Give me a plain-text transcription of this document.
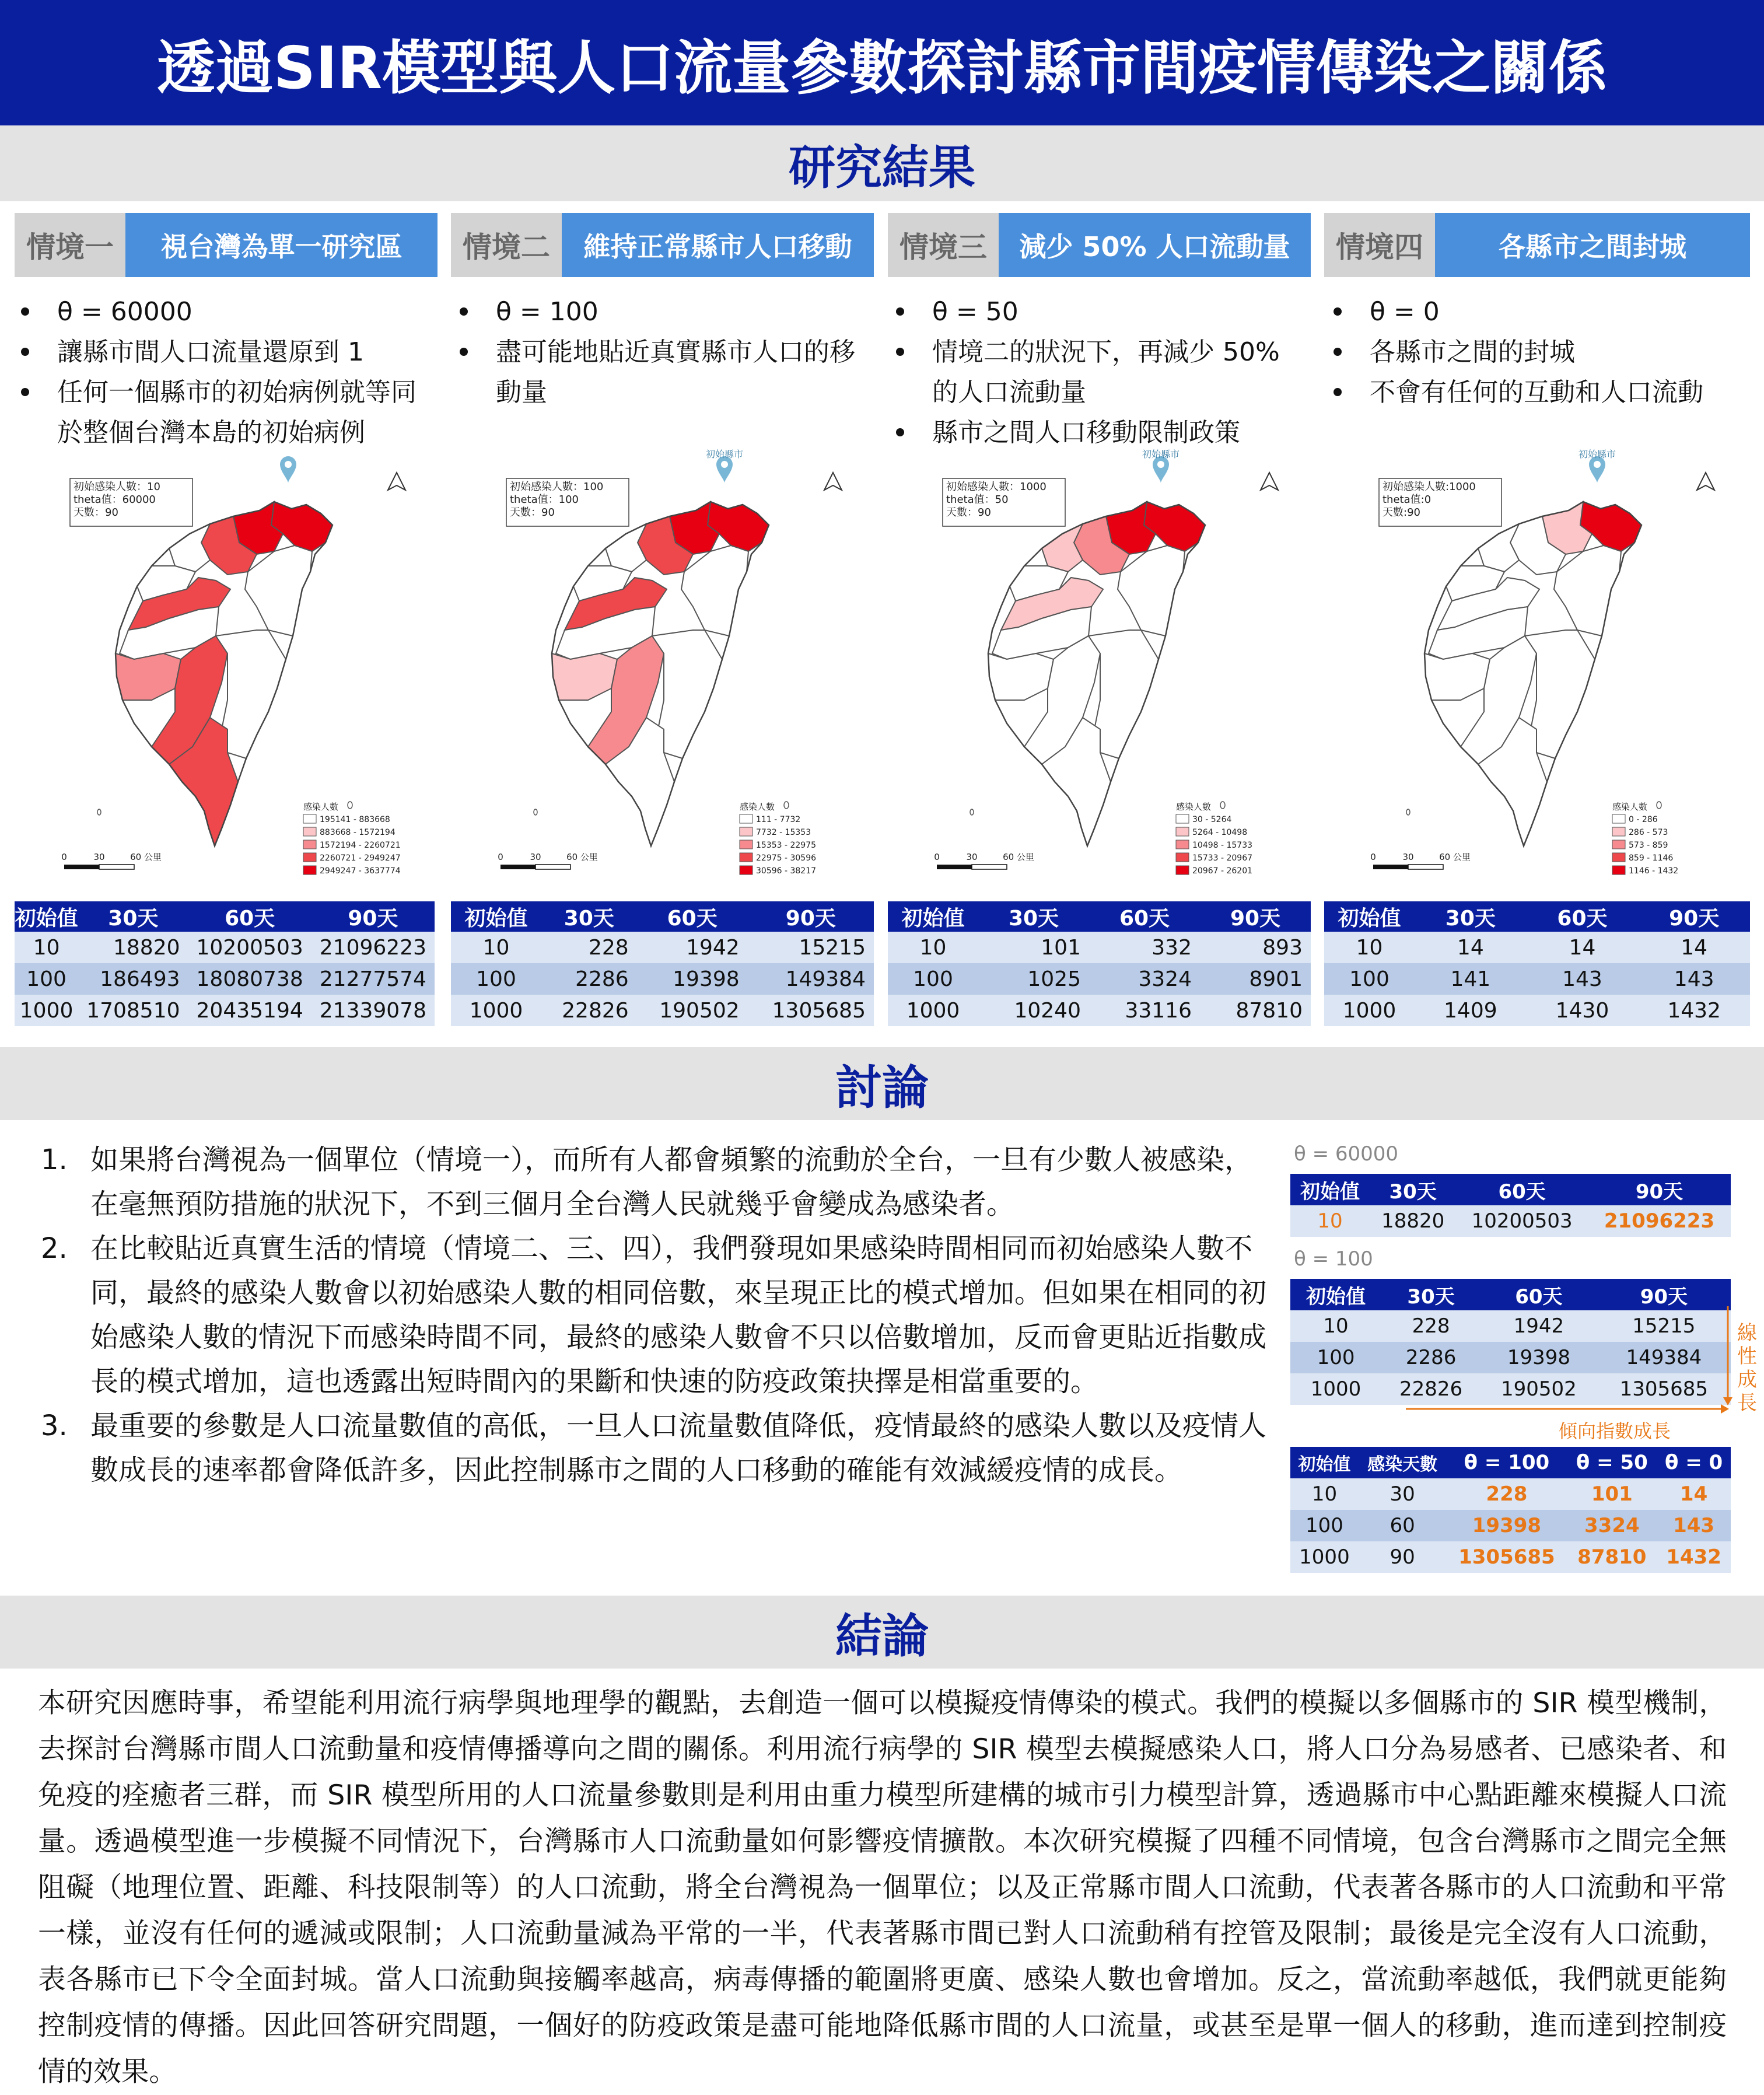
透過SIR模型與人口流量參數探討縣市間疫情傳染之關係
研究結果
情境一	視台灣為單一研究區	情境二	維持正常縣市人口移動	情境三	減少 50% 人口流動量	情境四	各縣市之間封城
θ = 60000
讓縣市間人口流量還原到 1
任何一個縣市的初始病例就等同於整個台灣本島的初始病例
θ = 100
盡可能地貼近真實縣市人口的移動量
θ = 50
情境二的狀況下，再減少 50% 的人口流動量
縣市之間人口移動限制政策
θ = 0
各縣市之間的封城
不會有任何的互動和人口流動
初始感染人數：10
theta值：60000
天數：90
感染人數
195141 - 883668
883668 - 1572194
1572194 - 2260721
2260721 - 2949247
2949247 - 3637774
0	30	60 公里
初始感染人數：100
theta值：100
天數：90
初始縣市
感染人數
111 - 7732
7732 - 15353
15353 - 22975
22975 - 30596
30596 - 38217
0	30	60 公里
初始感染人數：1000
theta值：50
天數：90
初始縣市
感染人數
30 - 5264
5264 - 10498
10498 - 15733
15733 - 20967
20967 - 26201
0	30	60 公里
初始感染人數:1000
theta值:0
天數:90
初始縣市
感染人數
0 - 286
286 - 573
573 - 859
859 - 1146
1146 - 1432
0	30	60 公里
初始值	30天	60天	90天
10	18820	10200503	21096223
100	186493	18080738	21277574
1000	1708510	20435194	21339078
初始值	30天	60天	90天
10	228	1942	15215
100	2286	19398	149384
1000	22826	190502	1305685
初始值	30天	60天	90天
10	101	332	893
100	1025	3324	8901
1000	10240	33116	87810
初始值	30天	60天	90天
10	14	14	14
100	141	143	143
1000	1409	1430	1432
討論
1. 如果將台灣視為一個單位（情境一），而所有人都會頻繁的流動於全台，一旦有少數人被感染，在毫無預防措施的狀況下，不到三個月全台灣人民就幾乎會變成為感染者。
2. 在比較貼近真實生活的情境（情境二、三、四），我們發現如果感染時間相同而初始感染人數不同，最終的感染人數會以初始感染人數的相同倍數，來呈現正比的模式增加。但如果在相同的初始感染人數的情況下而感染時間不同，最終的感染人數會不只以倍數增加，反而會更貼近指數成長的模式增加，這也透露出短時間內的果斷和快速的防疫政策抉擇是相當重要的。
3. 最重要的參數是人口流量數值的高低，一旦人口流量數值降低，疫情最終的感染人數以及疫情人數成長的速率都會降低許多，因此控制縣市之間的人口移動的確能有效減緩疫情的成長。
θ = 60000
初始值	30天	60天	90天
10	18820	10200503	21096223
θ = 100
初始值	30天	60天	90天
10	228	1942	15215
100	2286	19398	149384
1000	22826	190502	1305685
線性成長
傾向指數成長
初始值	感染天數	θ = 100	θ = 50	θ = 0
10	30	228	101	14
100	60	19398	3324	143
1000	90	1305685	87810	1432
結論

本研究因應時事，希望能利用流行病學與地理學的觀點，去創造一個可以模擬疫情傳染的模式。我們的模擬以多個縣市的 SIR 模型機制，去探討台灣縣市間人口流動量和疫情傳播導向之間的關係。利用流行病學的 SIR 模型去模擬感染人口，將人口分為易感者、已感染者、和免疫的痊癒者三群，而 SIR 模型所用的人口流量參數則是利用由重力模型所建構的城市引力模型計算，透過縣市中心點距離來模擬人口流量。透過模型進一步模擬不同情況下，台灣縣市人口流動量如何影響疫情擴散。本次研究模擬了四種不同情境，包含台灣縣市之間完全無阻礙（地理位置、距離、科技限制等）的人口流動，將全台灣視為一個單位；以及正常縣市間人口流動，代表著各縣市的人口流動和平常一樣，並沒有任何的遞減或限制；人口流動量減為平常的一半，代表著縣市間已對人口流動稍有控管及限制；最後是完全沒有人口流動，表各縣市已下令全面封城。當人口流動與接觸率越高，病毒傳播的範圍將更廣、感染人數也會增加。反之，當流動率越低，我們就更能夠控制疫情的傳播。因此回答研究問題，一個好的防疫政策是盡可能地降低縣市間的人口流量，或甚至是單一個人的移動，進而達到控制疫情的效果。
